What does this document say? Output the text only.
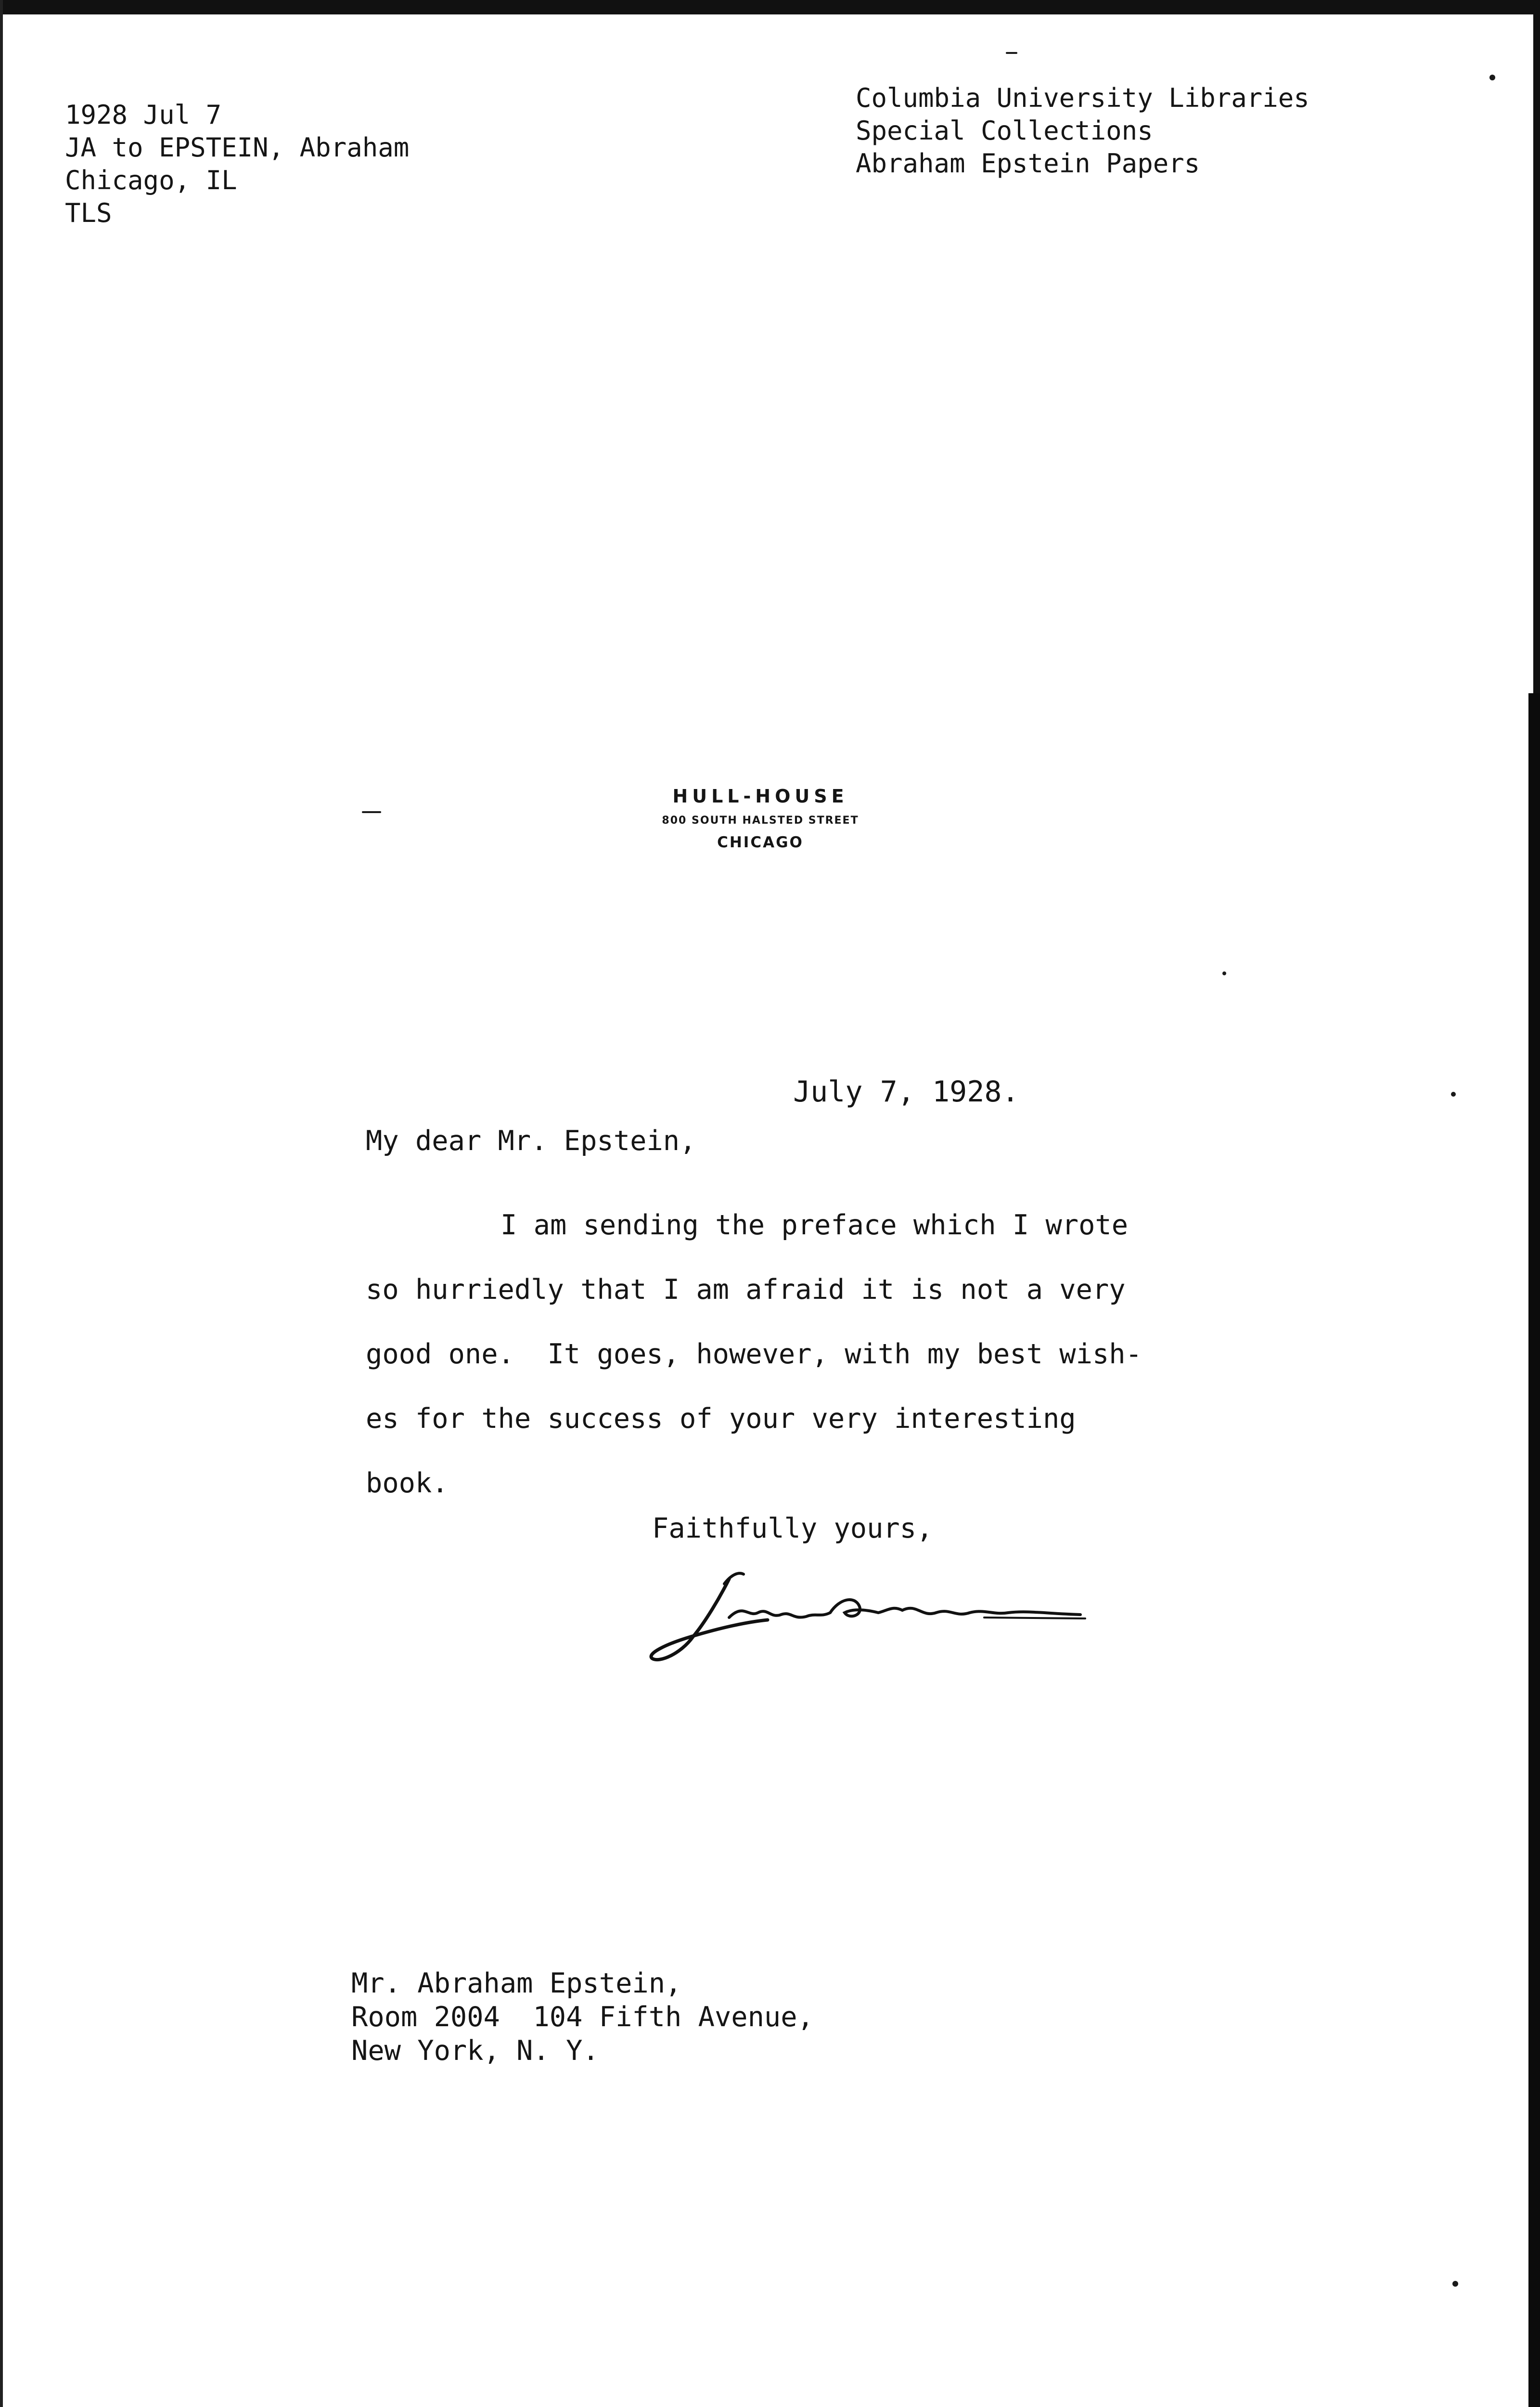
1928 Jul 7
JA to EPSTEIN, Abraham
Chicago, IL
TLS
Columbia University Libraries
Special Collections
Abraham Epstein Papers
HULL-HOUSE
800 SOUTH HALSTED STREET
CHICAGO
July 7, 1928.
My dear Mr. Epstein,
I am sending the preface which I wrote
so hurriedly that I am afraid it is not a very
good one.  It goes, however, with my best wish-
es for the success of your very interesting
book.
Faithfully yours,
Mr. Abraham Epstein,
Room 2004  104 Fifth Avenue,
New York, N. Y.
